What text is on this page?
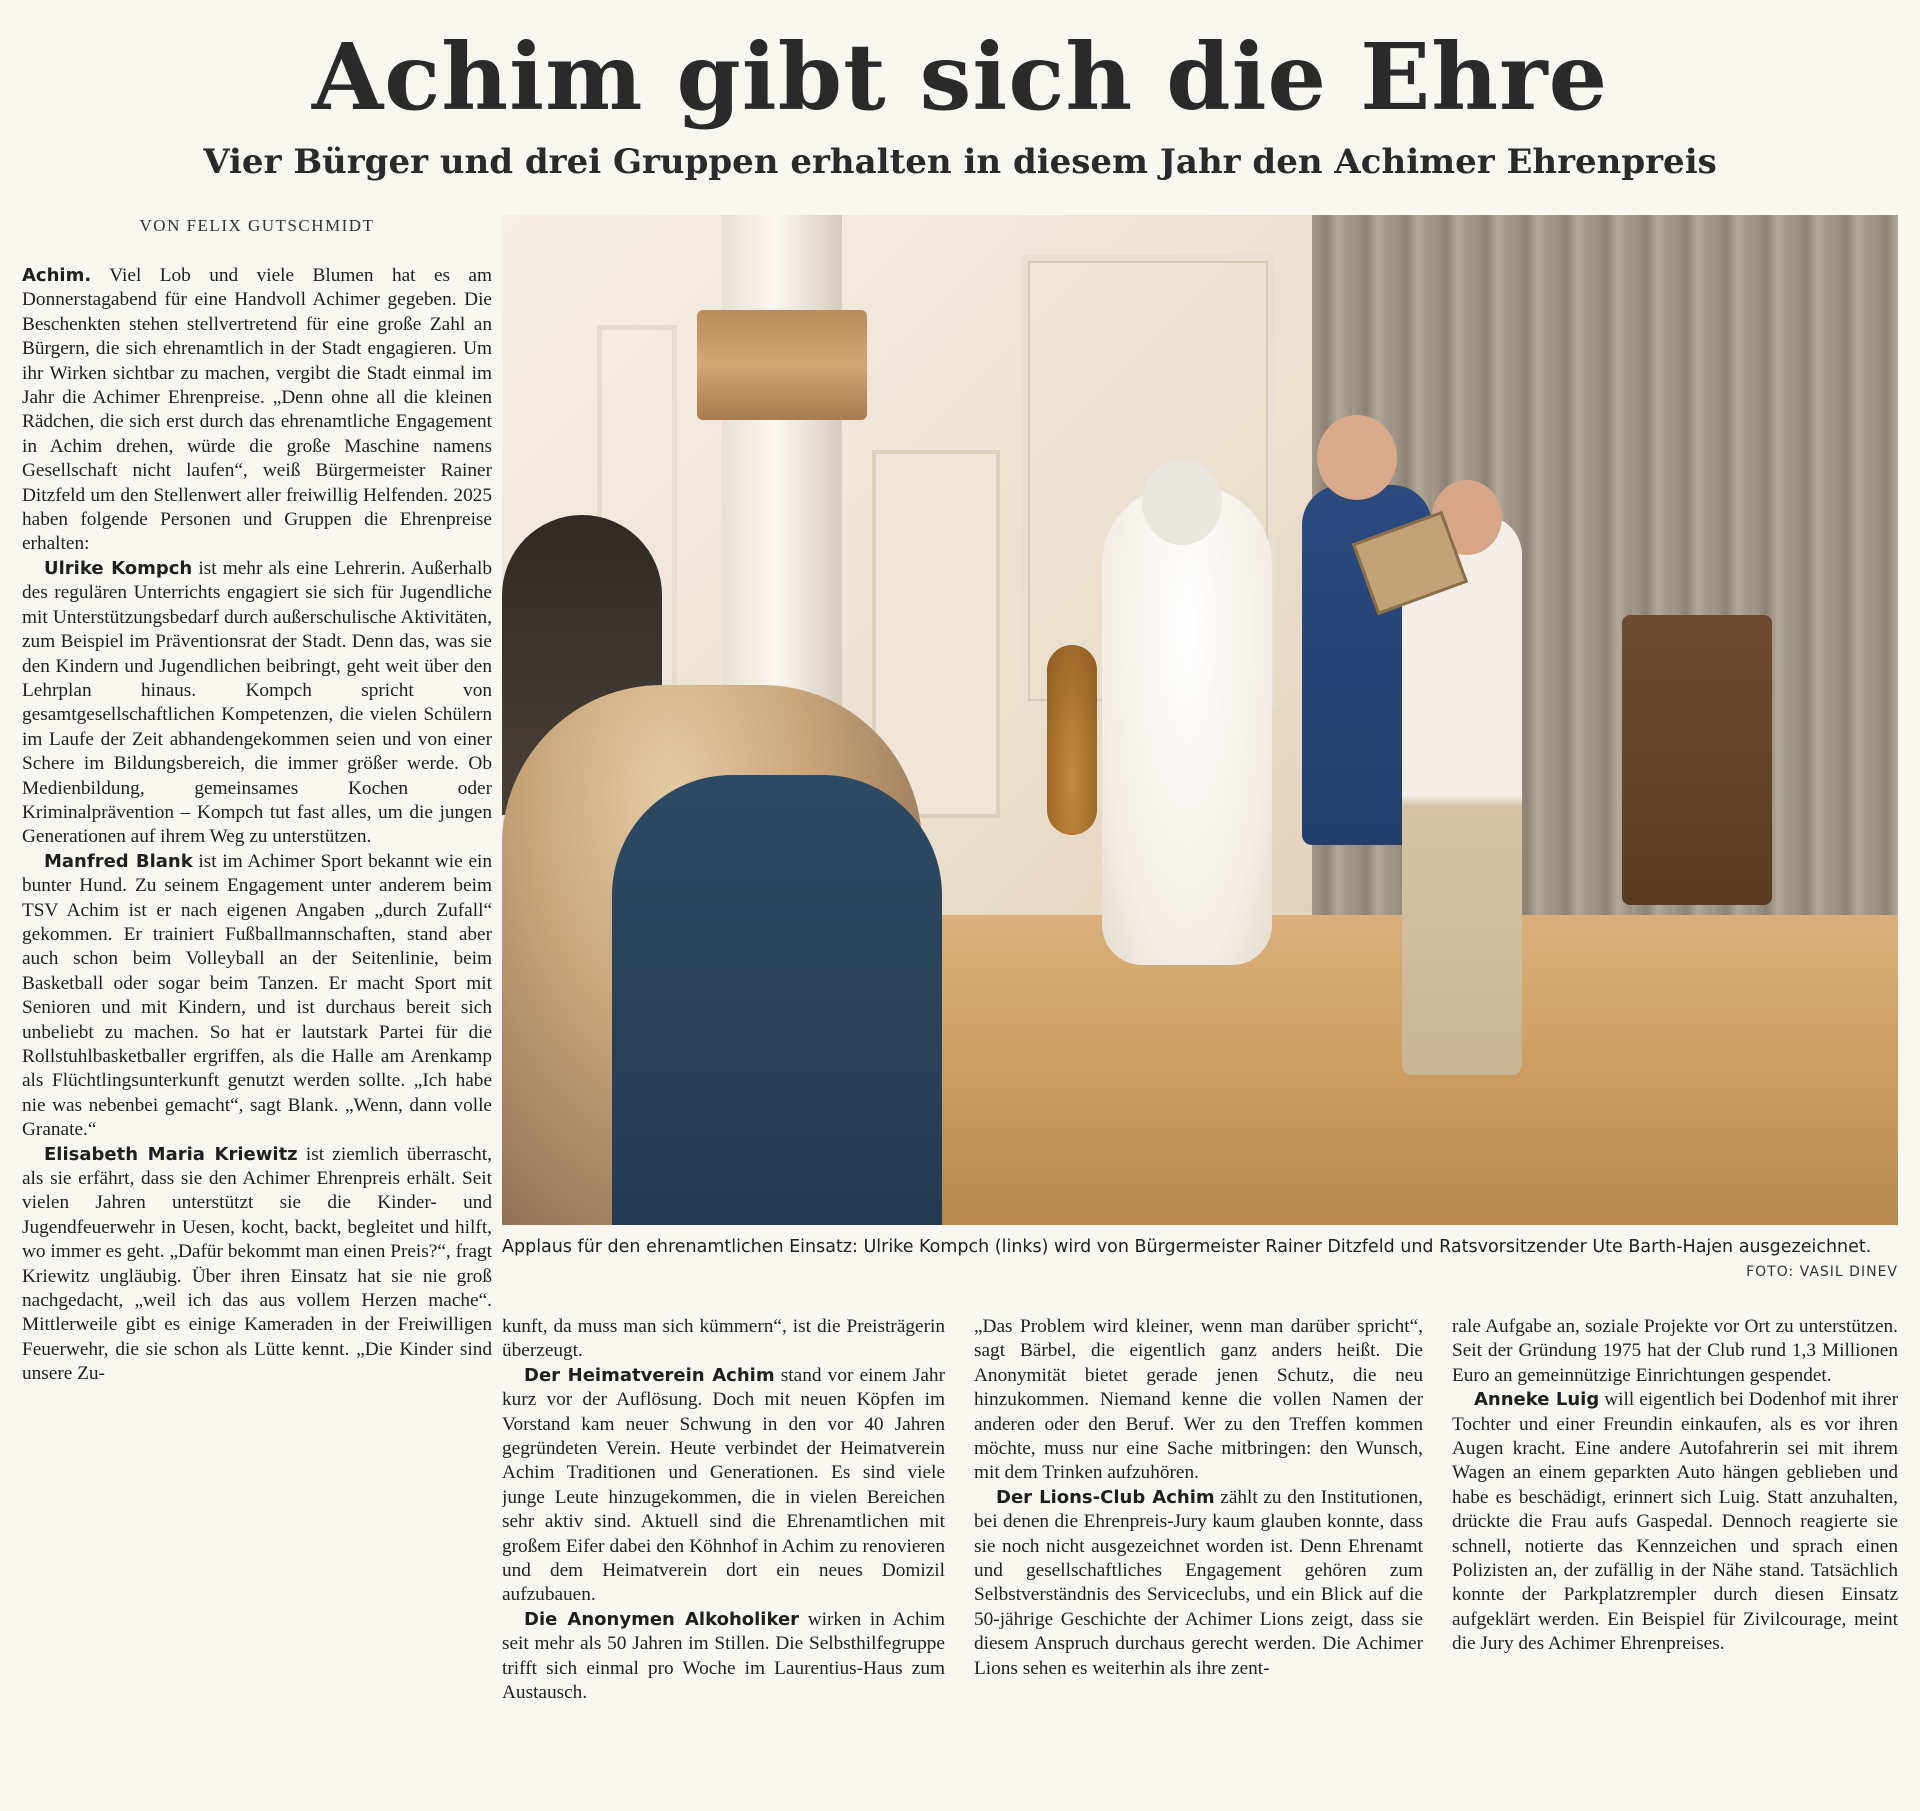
Achim gibt sich die Ehre
Vier Bürger und drei Gruppen erhalten in diesem Jahr den Achimer Ehrenpreis
VON FELIX GUTSCHMIDT

Achim. Viel Lob und viele Blumen hat es am Donnerstagabend für eine Handvoll Achimer gegeben. Die Beschenkten stehen stellvertretend für eine große Zahl an Bürgern, die sich ehrenamtlich in der Stadt engagieren. Um ihr Wirken sichtbar zu machen, vergibt die Stadt einmal im Jahr die Achimer Ehrenpreise. „Denn ohne all die kleinen Rädchen, die sich erst durch das ehrenamtliche Engagement in Achim drehen, würde die große Maschine namens Gesellschaft nicht laufen“, weiß Bürgermeister Rainer Ditzfeld um den Stellenwert aller freiwillig Helfenden. 2025 haben folgende Personen und Gruppen die Ehrenpreise erhalten:

Ulrike Kompch ist mehr als eine Lehrerin. Außerhalb des regulären Unterrichts engagiert sie sich für Jugendliche mit Unterstützungsbedarf durch außerschulische Aktivitäten, zum Beispiel im Präventionsrat der Stadt. Denn das, was sie den Kindern und Jugendlichen beibringt, geht weit über den Lehrplan hinaus. Kompch spricht von gesamtgesellschaftlichen Kompetenzen, die vielen Schülern im Laufe der Zeit abhandengekommen seien und von einer Schere im Bildungsbereich, die immer größer werde. Ob Medienbildung, gemeinsames Kochen oder Kriminalprävention – Kompch tut fast alles, um die jungen Generationen auf ihrem Weg zu unterstützen.

Manfred Blank ist im Achimer Sport bekannt wie ein bunter Hund. Zu seinem Engagement unter anderem beim TSV Achim ist er nach eigenen Angaben „durch Zufall“ gekommen. Er trainiert Fußballmannschaften, stand aber auch schon beim Volleyball an der Seitenlinie, beim Basketball oder sogar beim Tanzen. Er macht Sport mit Senioren und mit Kindern, und ist durchaus bereit sich unbeliebt zu machen. So hat er lautstark Partei für die Rollstuhlbasketballer ergriffen, als die Halle am Arenkamp als Flüchtlingsunterkunft genutzt werden sollte. „Ich habe nie was nebenbei gemacht“, sagt Blank. „Wenn, dann volle Granate.“

Elisabeth Maria Kriewitz ist ziemlich überrascht, als sie erfährt, dass sie den Achimer Ehrenpreis erhält. Seit vielen Jahren unterstützt sie die Kinder- und Jugendfeuerwehr in Uesen, kocht, backt, begleitet und hilft, wo immer es geht. „Dafür bekommt man einen Preis?“, fragt Kriewitz ungläubig. Über ihren Einsatz hat sie nie groß nachgedacht, „weil ich das aus vollem Herzen mache“. Mittlerweile gibt es einige Kameraden in der Freiwilligen Feuerwehr, die sie schon als Lütte kennt. „Die Kinder sind unsere Zu-

Applaus für den ehrenamtlichen Einsatz: Ulrike Kompch (links) wird von Bürgermeister Rainer Ditzfeld und Ratsvorsitzender Ute Barth-Hajen ausgezeichnet.
FOTO: VASIL DINEV

kunft, da muss man sich kümmern“, ist die Preisträgerin überzeugt.

Der Heimatverein Achim stand vor einem Jahr kurz vor der Auflösung. Doch mit neuen Köpfen im Vorstand kam neuer Schwung in den vor 40 Jahren gegründeten Verein. Heute verbindet der Heimatverein Achim Traditionen und Generationen. Es sind viele junge Leute hinzugekommen, die in vielen Bereichen sehr aktiv sind. Aktuell sind die Ehrenamtlichen mit großem Eifer dabei den Köhnhof in Achim zu renovieren und dem Heimatverein dort ein neues Domizil aufzubauen.

Die Anonymen Alkoholiker wirken in Achim seit mehr als 50 Jahren im Stillen. Die Selbsthilfegruppe trifft sich einmal pro Woche im Laurentius-Haus zum Austausch.

„Das Problem wird kleiner, wenn man darüber spricht“, sagt Bärbel, die eigentlich ganz anders heißt. Die Anonymität bietet gerade jenen Schutz, die neu hinzukommen. Niemand kenne die vollen Namen der anderen oder den Beruf. Wer zu den Treffen kommen möchte, muss nur eine Sache mitbringen: den Wunsch, mit dem Trinken aufzuhören.

Der Lions-Club Achim zählt zu den Institutionen, bei denen die Ehrenpreis-Jury kaum glauben konnte, dass sie noch nicht ausgezeichnet worden ist. Denn Ehrenamt und gesellschaftliches Engagement gehören zum Selbstverständnis des Serviceclubs, und ein Blick auf die 50-jährige Geschichte der Achimer Lions zeigt, dass sie diesem Anspruch durchaus gerecht werden. Die Achimer Lions sehen es weiterhin als ihre zent-

rale Aufgabe an, soziale Projekte vor Ort zu unterstützen. Seit der Gründung 1975 hat der Club rund 1,3 Millionen Euro an gemeinnützige Einrichtungen gespendet.

Anneke Luig will eigentlich bei Dodenhof mit ihrer Tochter und einer Freundin einkaufen, als es vor ihren Augen kracht. Eine andere Autofahrerin sei mit ihrem Wagen an einem geparkten Auto hängen geblieben und habe es beschädigt, erinnert sich Luig. Statt anzuhalten, drückte die Frau aufs Gaspedal. Dennoch reagierte sie schnell, notierte das Kennzeichen und sprach einen Polizisten an, der zufällig in der Nähe stand. Tatsächlich konnte der Parkplatzrempler durch diesen Einsatz aufgeklärt werden. Ein Beispiel für Zivilcourage, meint die Jury des Achimer Ehrenpreises.
